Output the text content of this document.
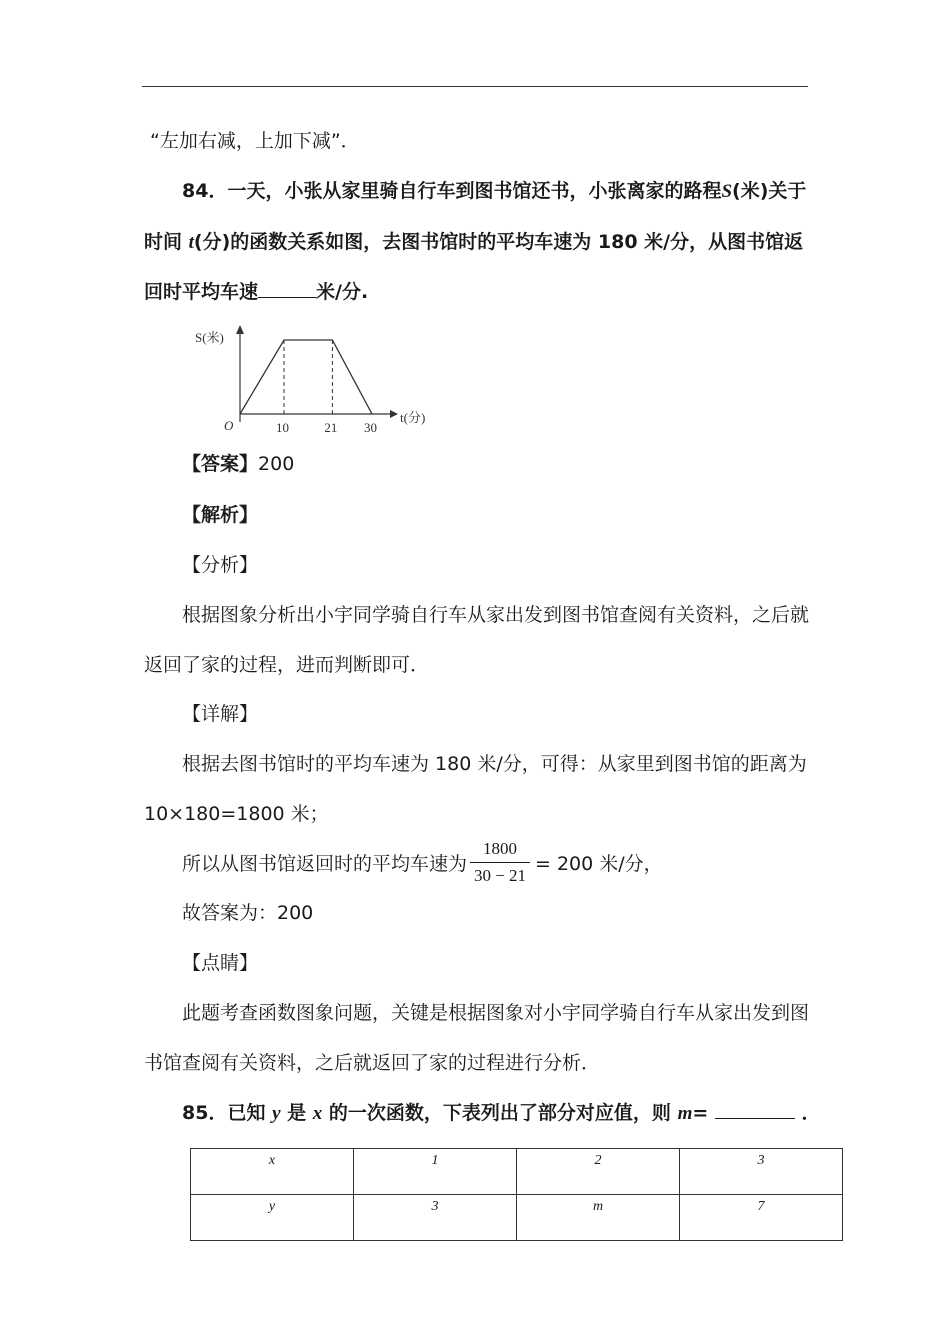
“左加右减，上加下减”．
84．一天，小张从家里骑自行车到图书馆还书，小张离家的路程S(米)关于
时间 t(分)的函数关系如图，去图书馆时的平均车速为 180 米/分，从图书馆返
回时平均车速	米/分.
10	21 30
S(米)
t(分)
O
【答案】200
【解析】
【分析】
根据图象分析出小宇同学骑自行车从家出发到图书馆查阅有关资料，之后就
返回了家的过程，进而判断即可．
【详解】
根据去图书馆时的平均车速为 180 米/分，可得：从家里到图书馆的距离为
10×180=1800 米；
所以从图书馆返回时的平均车速为
1800
30 − 21
= 200 米/分，
故答案为：200
【点睛】
此题考查函数图象问题，关键是根据图象对小宇同学骑自行车从家出发到图
书馆查阅有关资料，之后就返回了家的过程进行分析．
85．已知 y 是 x 的一次函数，下表列出了部分对应值，则 m=	．
x	1	2	3
y	3	m	7
